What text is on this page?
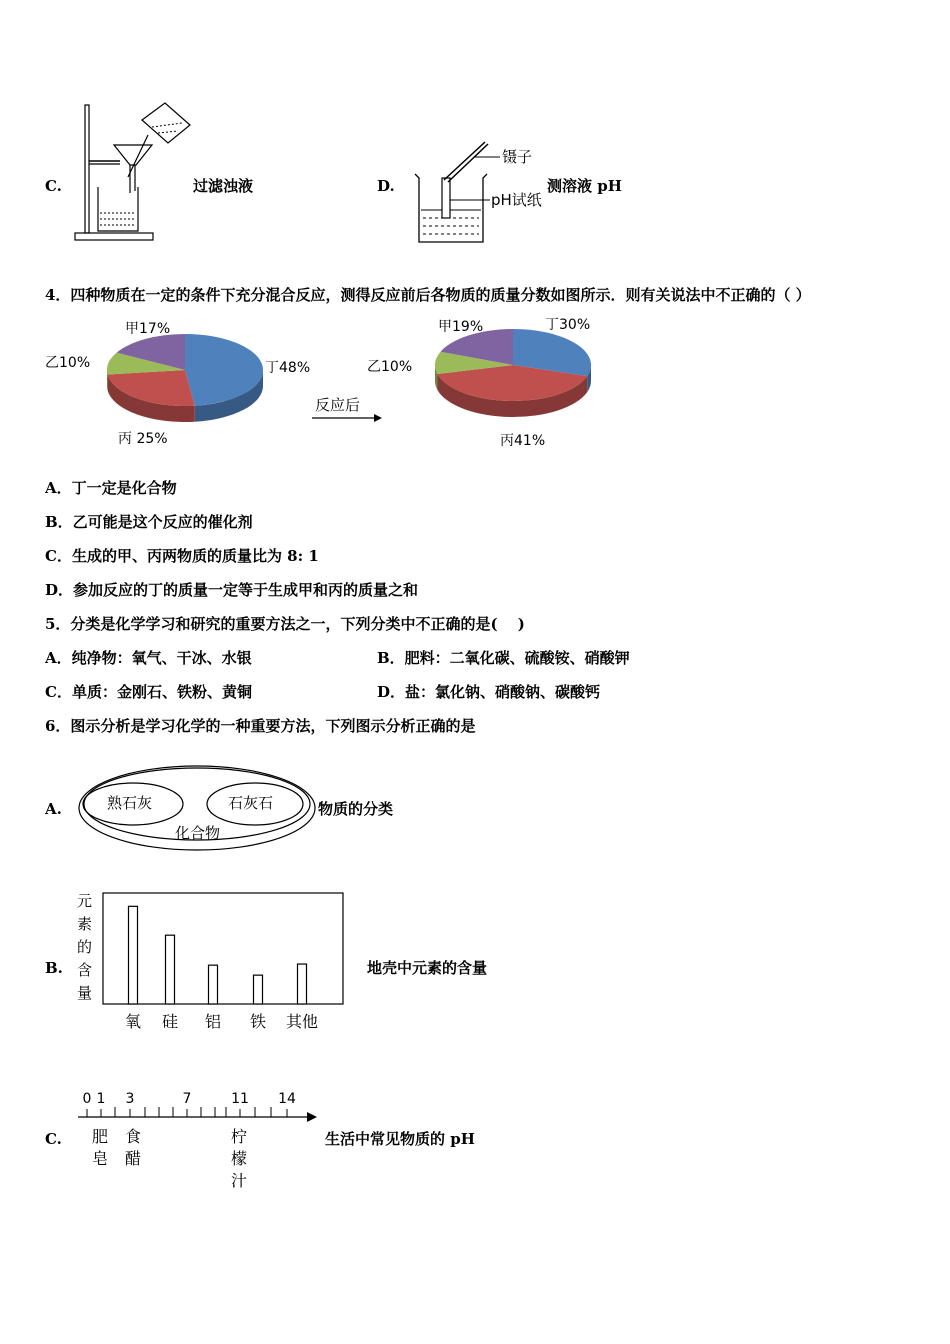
C.	过滤浊液	D.
镊子
pH试纸
测溶液 pH
4．四种物质在一定的条件下充分混合反应，测得反应前后各物质的质量分数如图所示．则有关说法中不正确的（ ）
甲17%
乙10%
丙 25%
丁48%
反应后
甲19%
乙10%
丙41%
丁30%
A．丁一定是化合物
B．乙可能是这个反应的催化剂
C．生成的甲、丙两物质的质量比为 8: 1
D．参加反应的丁的质量一定等于生成甲和丙的质量之和
5．分类是化学学习和研究的重要方法之一，下列分类中不正确的是(　 )
A．纯净物：氧气、干冰、水银	B．肥料：二氧化碳、硫酸铵、硝酸钾
C．单质：金刚石、铁粉、黄铜	D．盐：氯化钠、硝酸钠、碳酸钙
6．图示分析是学习化学的一种重要方法，下列图示分析正确的是
A.	熟石灰	石灰石
化合物
物质的分类
B.
元素的含量
氧 硅 铝 铁 其他
地壳中元素的含量
C.
0 1 3	7	11 14
肥皂
食醋
柠檬汁
生活中常见物质的 pH
